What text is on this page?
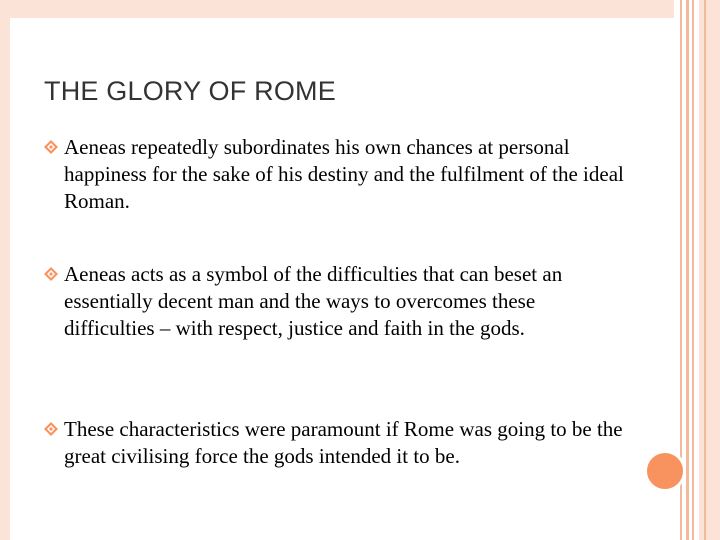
THE GLORY OF ROME
Aeneas repeatedly subordinates his own chances at personal happiness for the sake of his destiny and the fulfilment of the ideal Roman.
Aeneas acts as a symbol of the difficulties that can beset an essentially decent man and the ways to overcomes these difficulties – with respect, justice and faith in the gods.
These characteristics were paramount if Rome was going to be the great civilising force the gods intended it to be.
